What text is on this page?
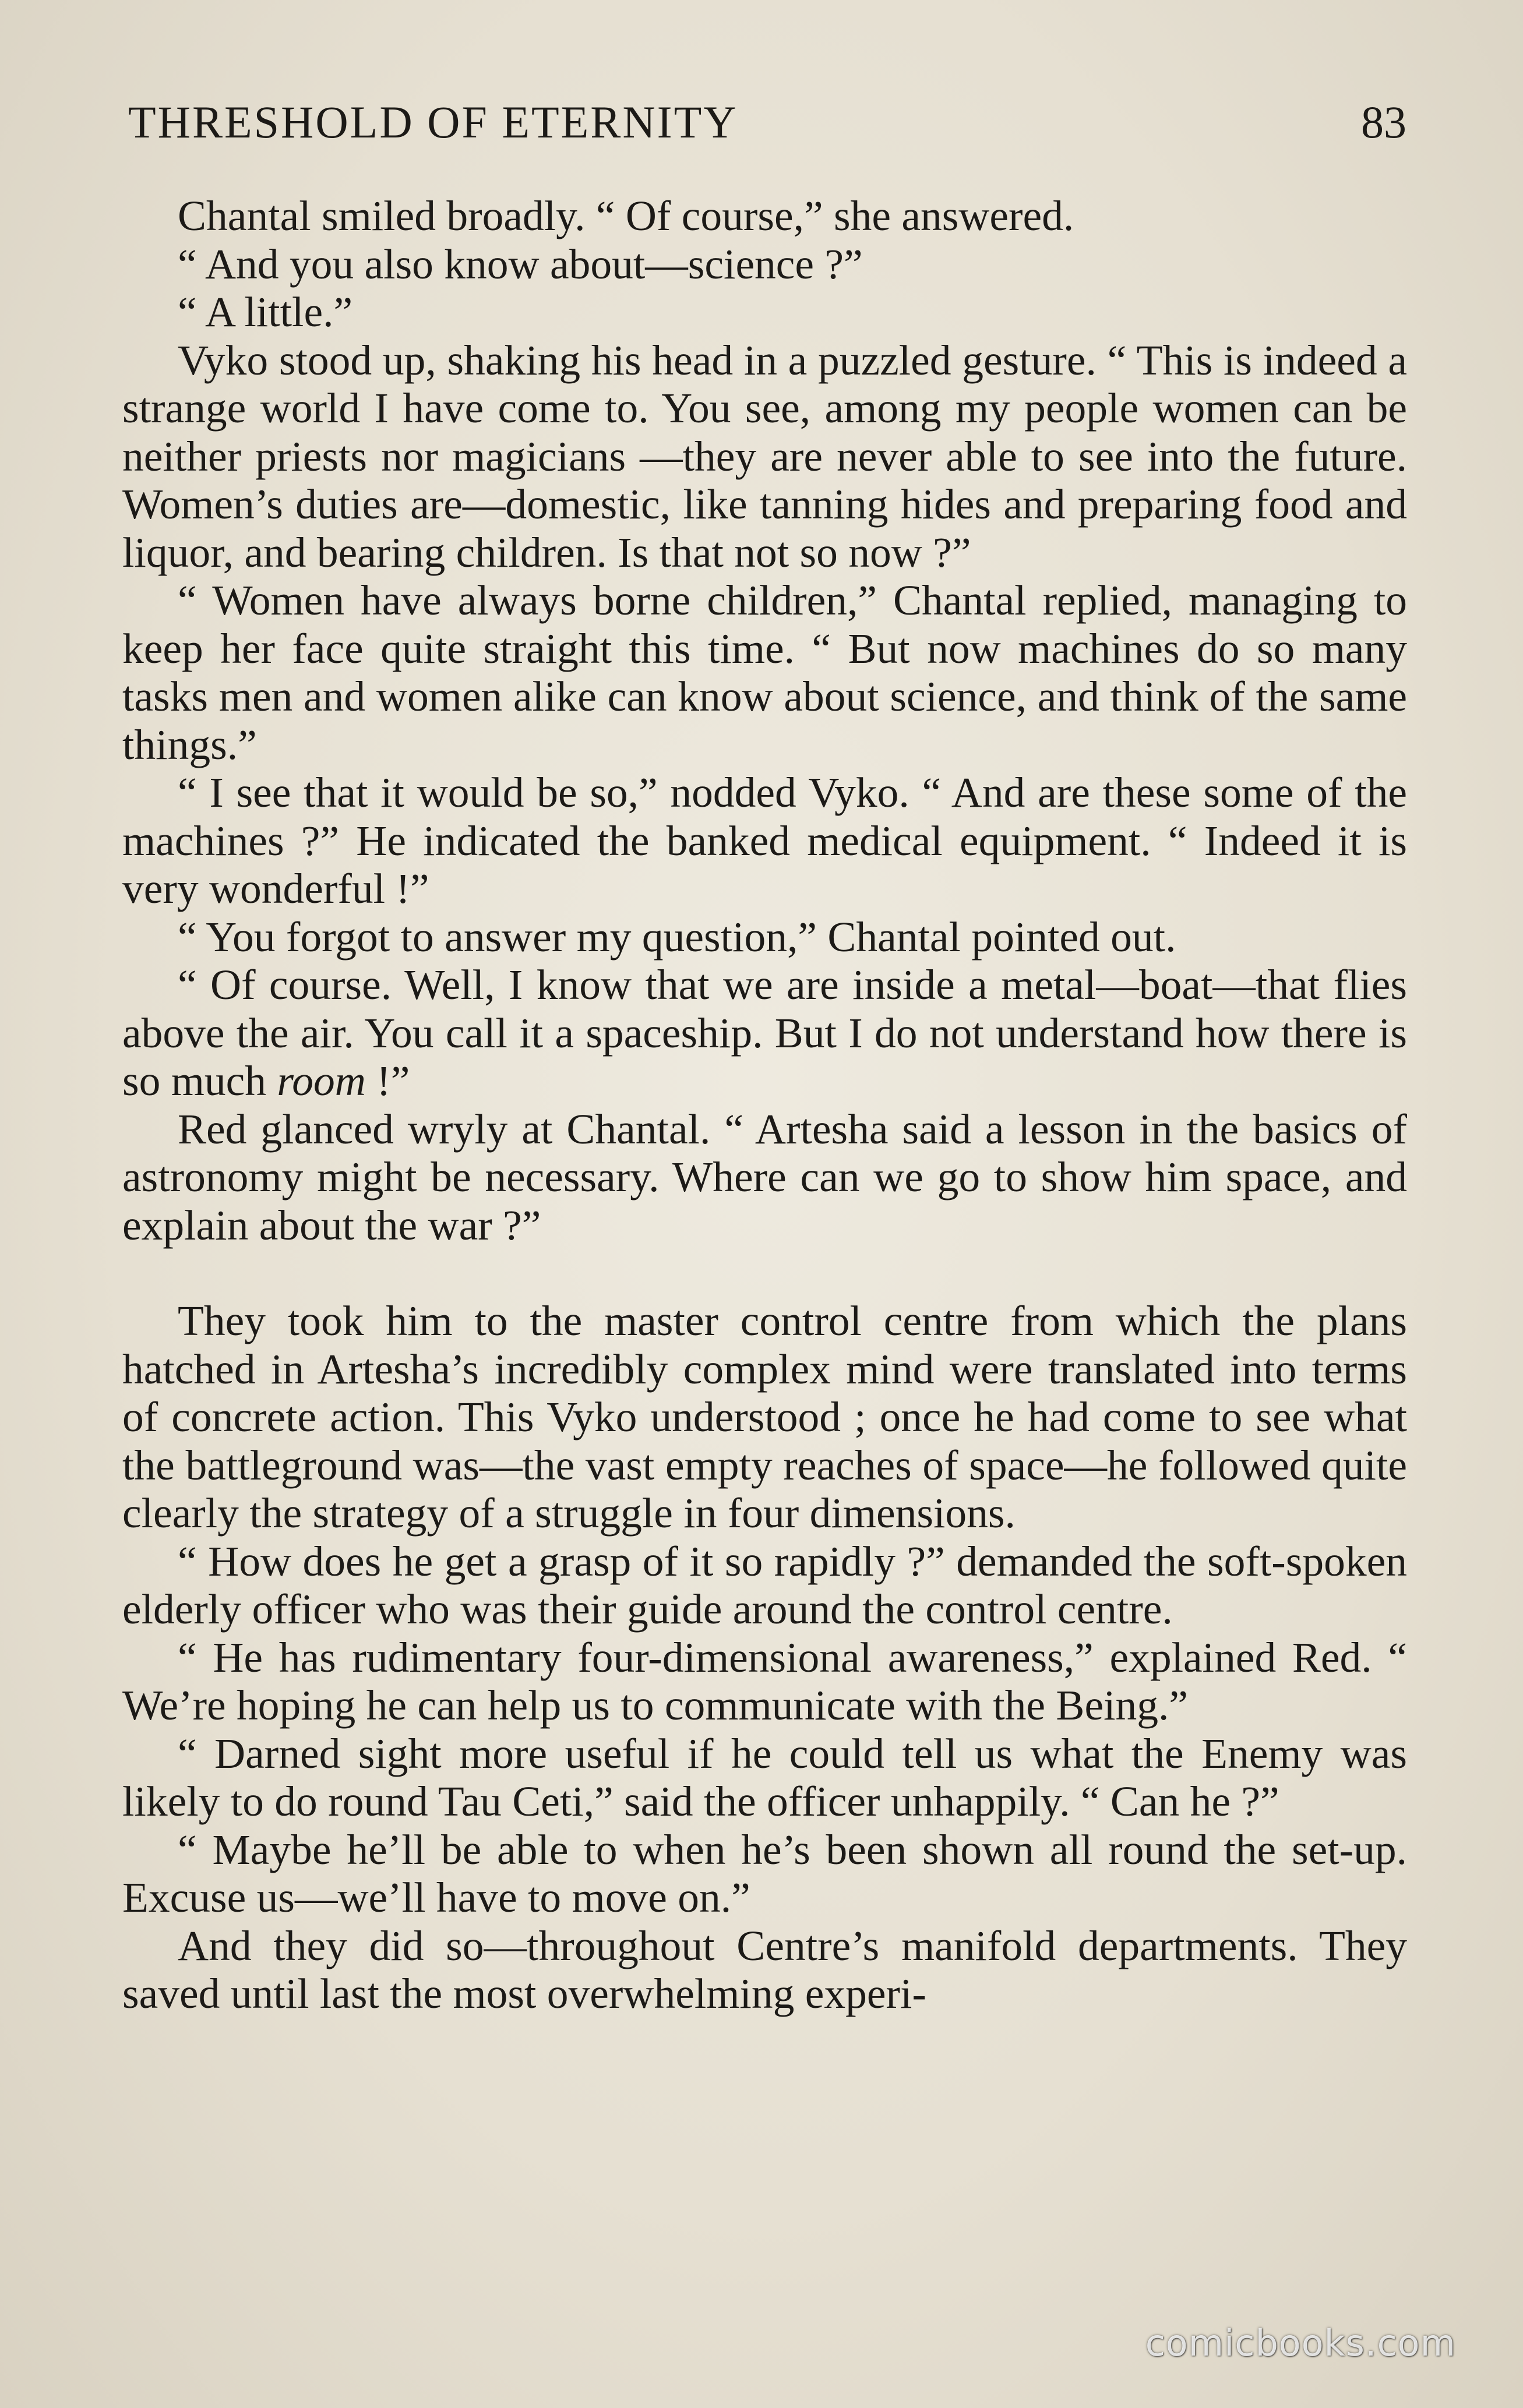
THRESHOLD OF ETERNITY	83

Chantal smiled broadly. “ Of course,” she answered.

“ And you also know about—science ?”

“ A little.”

Vyko stood up, shaking his head in a puzzled gesture. “ This is indeed a strange world I have come to. You see, among my people women can be neither priests nor magicians —they are never able to see into the future. Women’s duties are—domestic, like tanning hides and preparing food and liquor, and bearing children. Is that not so now ?”

“ Women have always borne children,” Chantal replied, managing to keep her face quite straight this time. “ But now machines do so many tasks men and women alike can know about science, and think of the same things.”

“ I see that it would be so,” nodded Vyko. “ And are these some of the machines ?” He indicated the banked medical equipment. “ Indeed it is very wonderful !”

“ You forgot to answer my question,” Chantal pointed out.

“ Of course. Well, I know that we are inside a metal—boat—that flies above the air. You call it a spaceship. But I do not understand how there is so much room !”

Red glanced wryly at Chantal. “ Artesha said a lesson in the basics of astronomy might be necessary. Where can we go to show him space, and explain about the war ?”

They took him to the master control centre from which the plans hatched in Artesha’s incredibly complex mind were translated into terms of concrete action. This Vyko understood ; once he had come to see what the battleground was—the vast empty reaches of space—he followed quite clearly the strategy of a struggle in four dimensions.

“ How does he get a grasp of it so rapidly ?” demanded the soft-spoken elderly officer who was their guide around the control centre.

“ He has rudimentary four-dimensional awareness,” explained Red. “ We’re hoping he can help us to communicate with the Being.”

“ Darned sight more useful if he could tell us what the Enemy was likely to do round Tau Ceti,” said the officer unhappily. “ Can he ?”

“ Maybe he’ll be able to when he’s been shown all round the set-up. Excuse us—we’ll have to move on.”

And they did so—throughout Centre’s manifold departments. They saved until last the most overwhelming experi-

comicbooks.com
